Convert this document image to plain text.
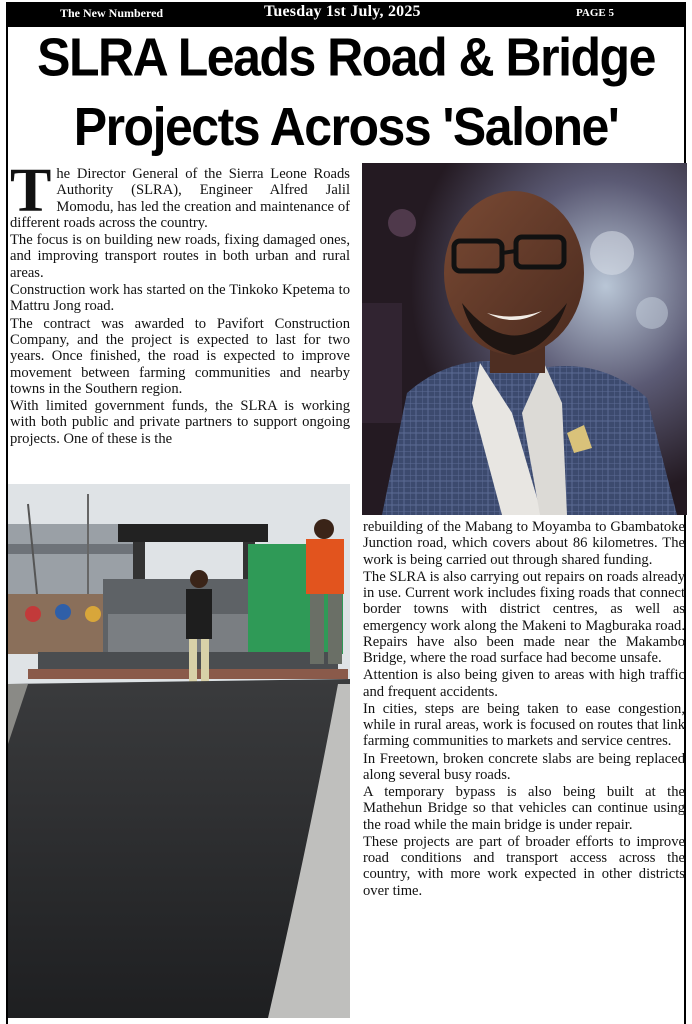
The New Numbered	Tuesday 1st July, 2025	PAGE 5
SLRA Leads Road & Bridge
Projects Across 'Salone'

The Director General of the Sierra Leone Roads Authority (SLRA), Engineer Alfred Jalil Momodu, has led the creation and maintenance of different roads across the country.

The focus is on building new roads, fixing damaged ones, and improving transport routes in both urban and rural areas.

Construction work has started on the Tinkoko Kpetema to Mattru Jong road.

The contract was awarded to Pavifort Construction Company, and the project is expected to last for two years. Once finished, the road is expected to improve movement between farming communities and nearby towns in the Southern region.

With limited government funds, the SLRA is working with both public and private partners to support ongoing projects. One of these is the

rebuilding of the Mabang to Moyamba to Gbambatoke Junction road, which covers about 86 kilometres. The work is being carried out through shared funding.

The SLRA is also carrying out repairs on roads already in use. Current work includes fixing roads that connect border towns with district centres, as well as emergency work along the Makeni to Magburaka road. Repairs have also been made near the Makambo Bridge, where the road surface had become unsafe.

Attention is also being given to areas with high traffic and frequent accidents.

In cities, steps are being taken to ease congestion, while in rural areas, work is focused on routes that link farming communities to markets and service centres.

In Freetown, broken concrete slabs are being replaced along several busy roads.

A temporary bypass is also being built at the Mathehun Bridge so that vehicles can continue using the road while the main bridge is under repair.

These projects are part of broader efforts to improve road conditions and transport access across the country, with more work expected in other districts over time.
